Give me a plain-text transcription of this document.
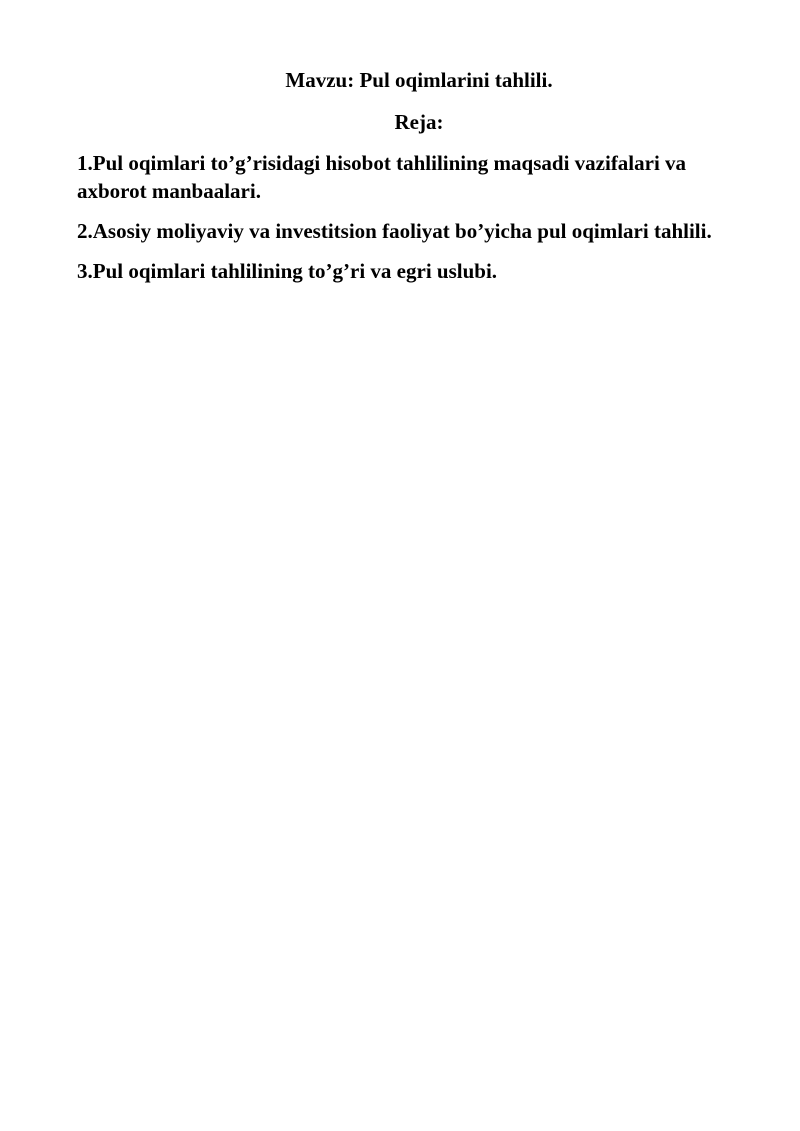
Mavzu: Pul oqimlarini tahlili.
Reja:
1.Pul oqimlari to’g’risidagi hisobot tahlilining maqsadi vazifalari va axborot manbaalari.
2.Asosiy moliyaviy va investitsion faoliyat bo’yicha pul oqimlari tahlili.
3.Pul oqimlari tahlilining to’g’ri va egri uslubi.
